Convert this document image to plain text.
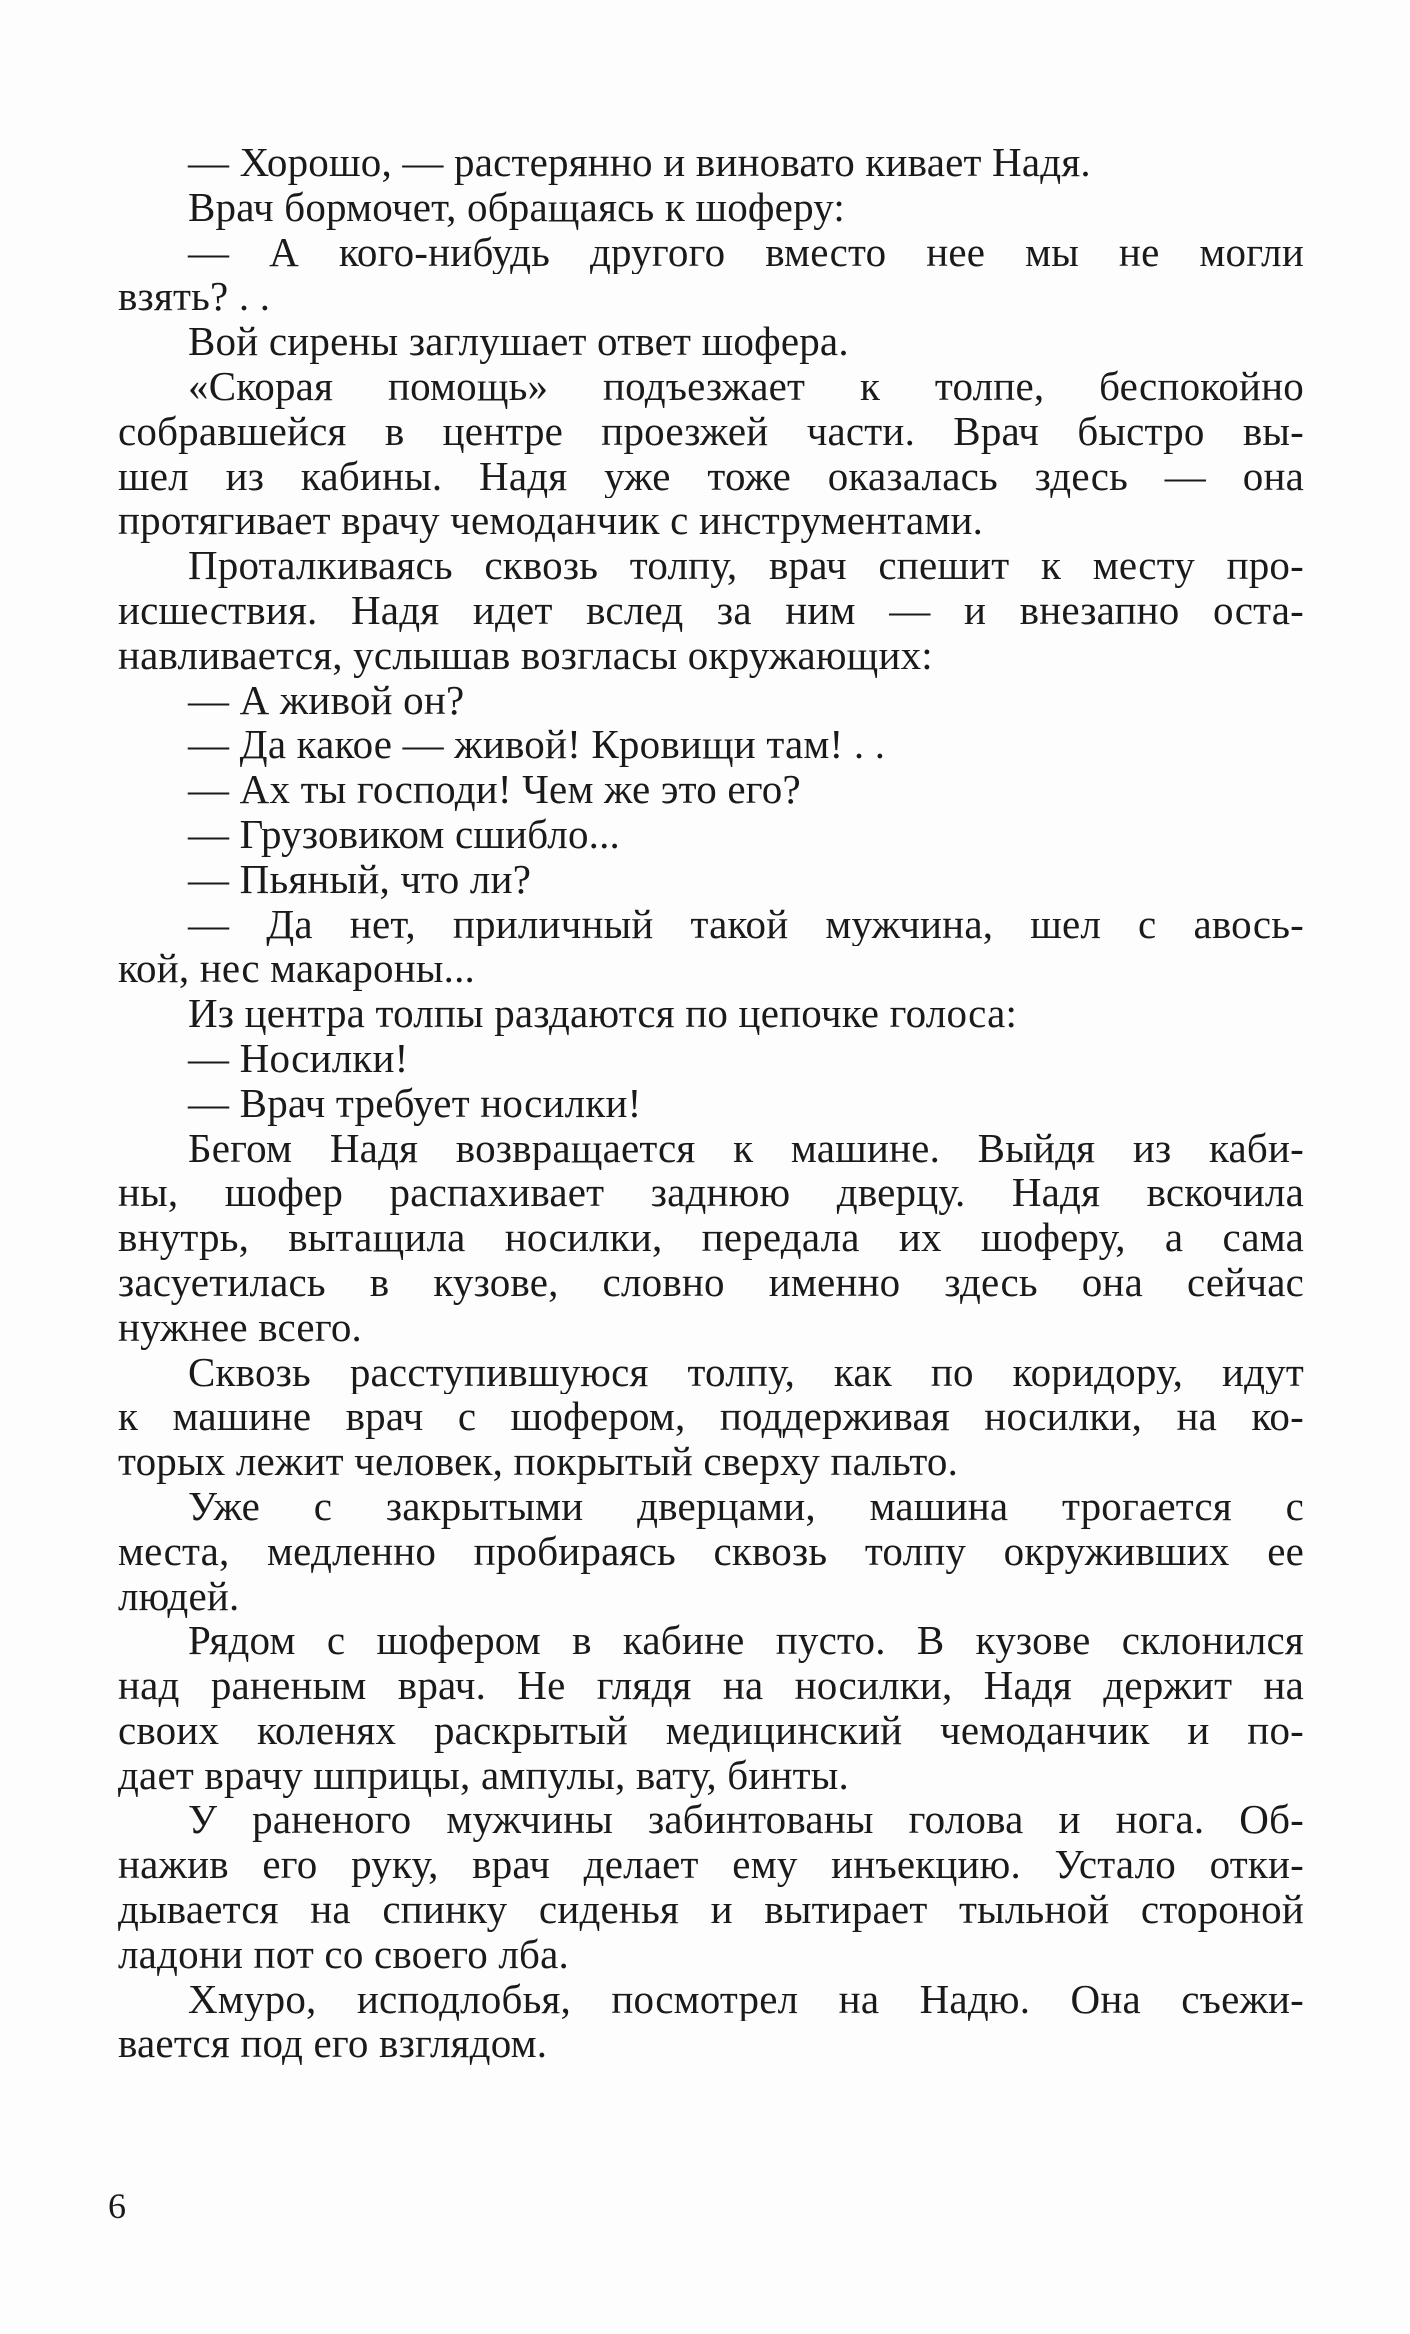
— Хорошо, — растерянно и виновато кивает Надя.
Врач бормочет, обращаясь к шоферу:
— А кого-нибудь другого вместо нее мы не могли
взять? . .
Вой сирены заглушает ответ шофера.
«Скорая помощь» подъезжает к толпе, беспокойно
собравшейся в центре проезжей части. Врач быстро вы-
шел из кабины. Надя уже тоже оказалась здесь — она
протягивает врачу чемоданчик с инструментами.
Проталкиваясь сквозь толпу, врач спешит к месту про-
исшествия. Надя идет вслед за ним — и внезапно оста-
навливается, услышав возгласы окружающих:
— А живой он?
— Да какое — живой! Кровищи там! . .
— Ах ты господи! Чем же это его?
— Грузовиком сшибло...
— Пьяный, что ли?
— Да нет, приличный такой мужчина, шел с авось-
кой, нес макароны...
Из центра толпы раздаются по цепочке голоса:
— Носилки!
— Врач требует носилки!
Бегом Надя возвращается к машине. Выйдя из каби-
ны, шофер распахивает заднюю дверцу. Надя вскочила
внутрь, вытащила носилки, передала их шоферу, а сама
засуетилась в кузове, словно именно здесь она сейчас
нужнее всего.
Сквозь расступившуюся толпу, как по коридору, идут
к машине врач с шофером, поддерживая носилки, на ко-
торых лежит человек, покрытый сверху пальто.
Уже с закрытыми дверцами, машина трогается с
места, медленно пробираясь сквозь толпу окруживших ее
людей.
Рядом с шофером в кабине пусто. В кузове склонился
над раненым врач. Не глядя на носилки, Надя держит на
своих коленях раскрытый медицинский чемоданчик и по-
дает врачу шприцы, ампулы, вату, бинты.
У раненого мужчины забинтованы голова и нога. Об-
нажив его руку, врач делает ему инъекцию. Устало отки-
дывается на спинку сиденья и вытирает тыльной стороной
ладони пот со своего лба.
Хмуро, исподлобья, посмотрел на Надю. Она съежи-
вается под его взглядом.
6
